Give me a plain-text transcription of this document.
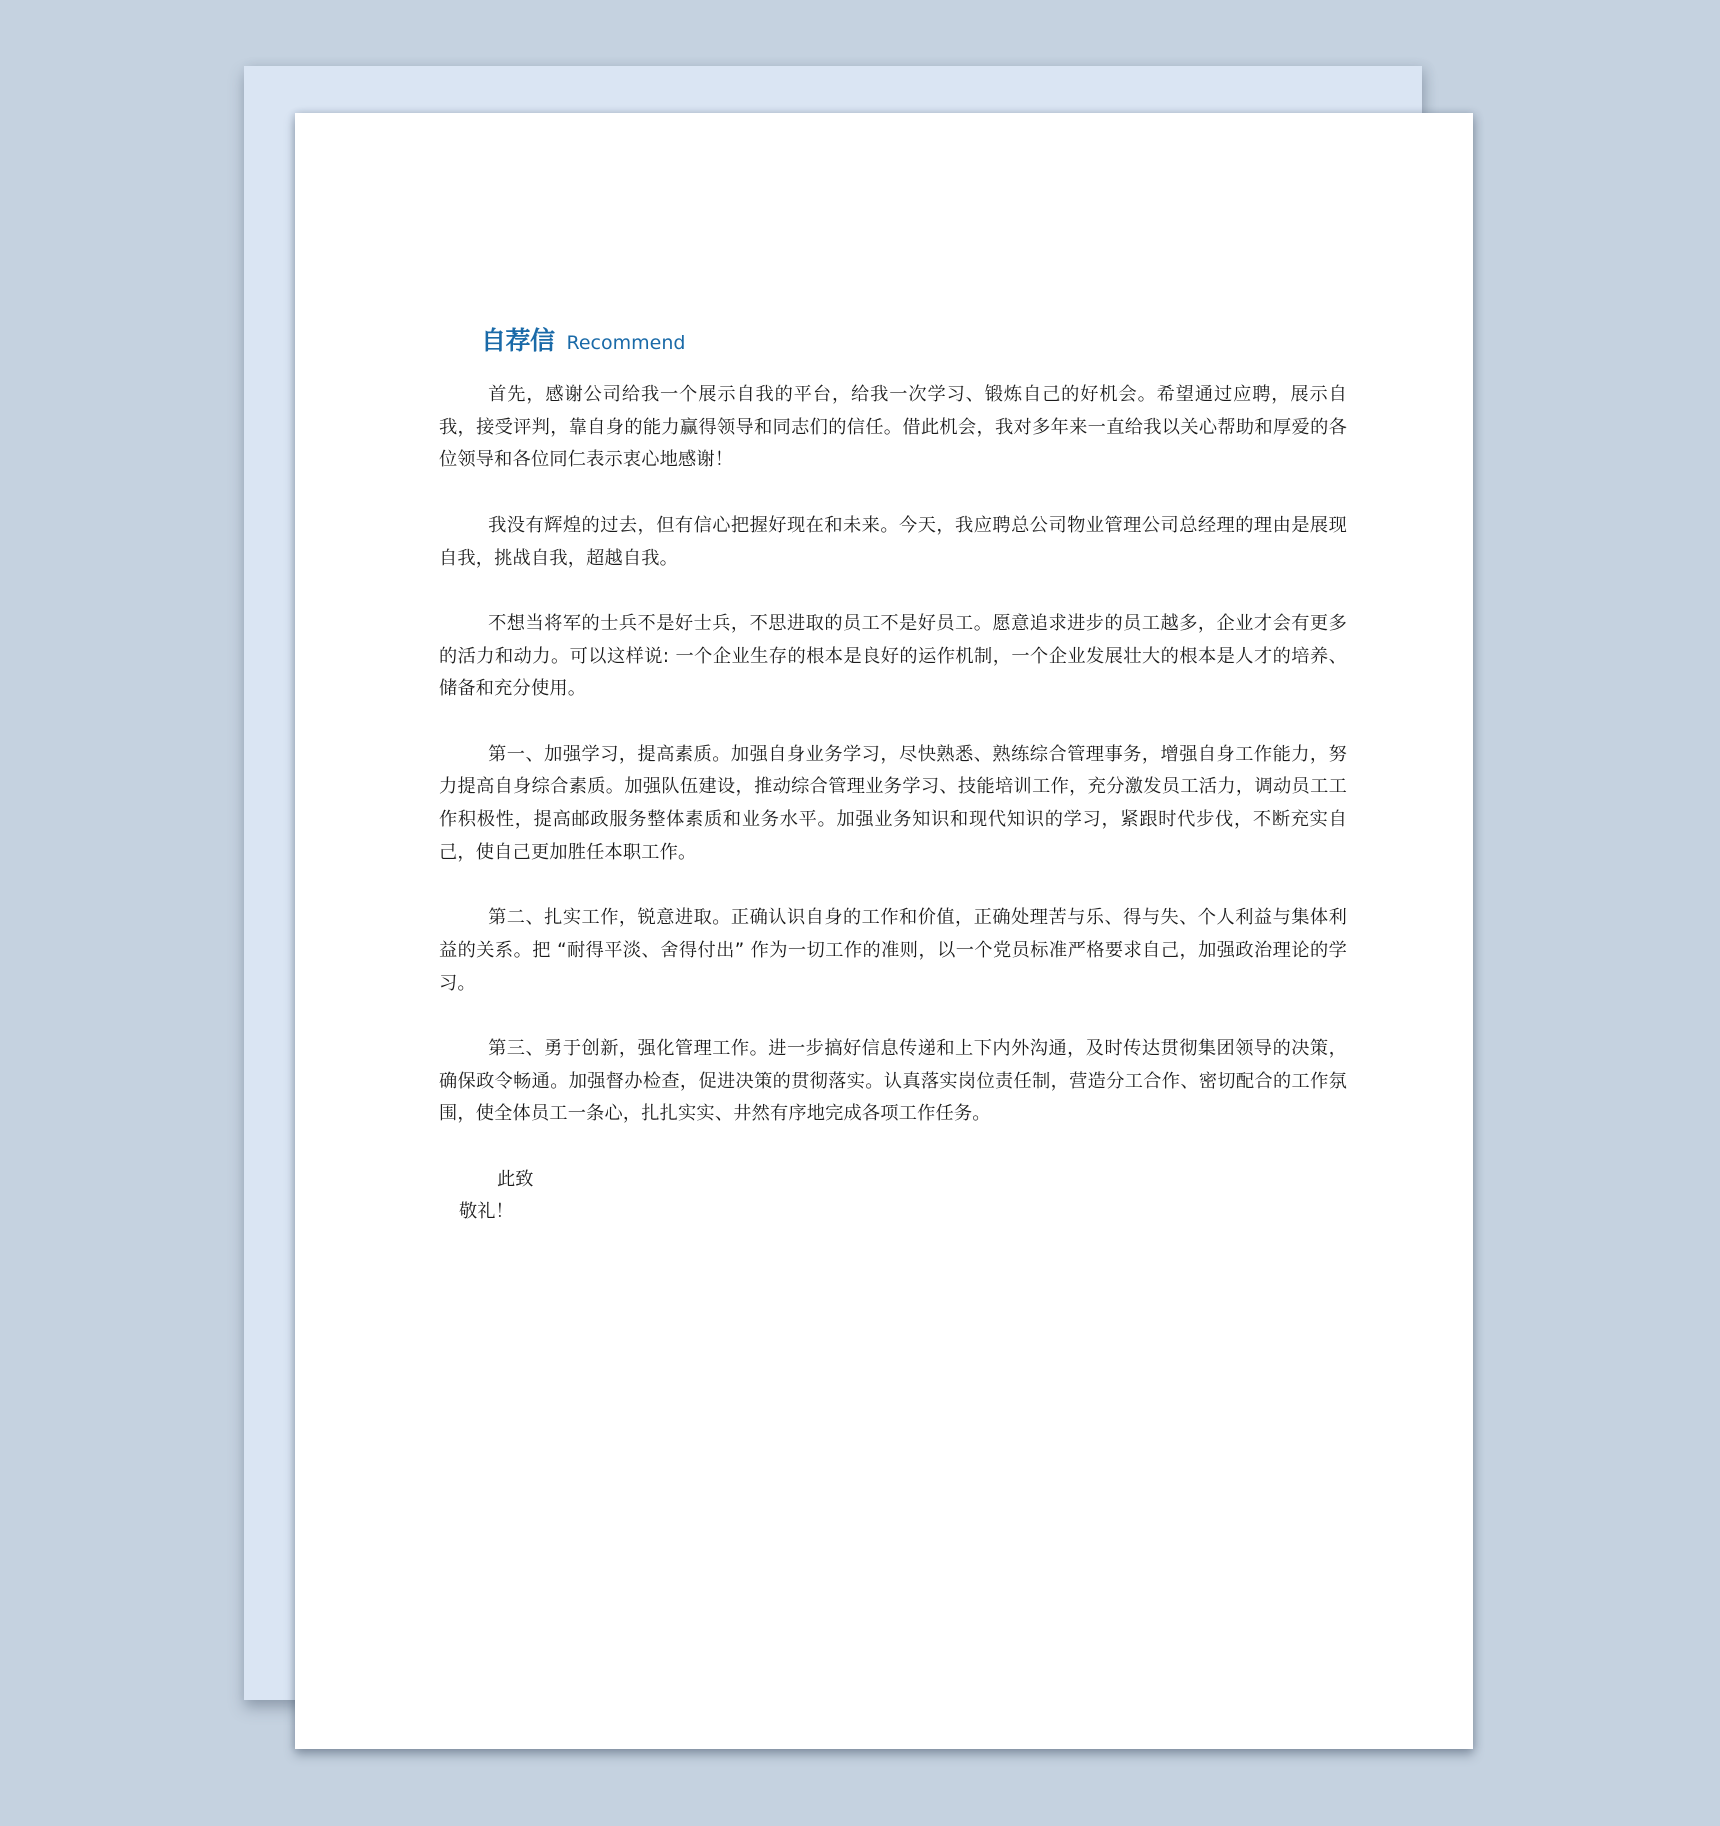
自荐信 Recommend

首先，感谢公司给我一个展示自我的平台，给我一次学习、锻炼自己的好机会。希望通过应聘，展示自我，接受评判，靠自身的能力赢得领导和同志们的信任。借此机会，我对多年来一直给我以关心帮助和厚爱的各位领导和各位同仁表示衷心地感谢！

我没有辉煌的过去，但有信心把握好现在和未来。今天，我应聘总公司物业管理公司总经理的理由是展现自我，挑战自我，超越自我。

不想当将军的士兵不是好士兵，不思进取的员工不是好员工。愿意追求进步的员工越多，企业才会有更多的活力和动力。可以这样说: 一个企业生存的根本是良好的运作机制，一个企业发展壮大的根本是人才的培养、储备和充分使用。

第一、加强学习，提高素质。加强自身业务学习，尽快熟悉、熟练综合管理事务，增强自身工作能力，努力提高自身综合素质。加强队伍建设，推动综合管理业务学习、技能培训工作，充分激发员工活力，调动员工工作积极性，提高邮政服务整体素质和业务水平。加强业务知识和现代知识的学习，紧跟时代步伐，不断充实自己，使自己更加胜任本职工作。

第二、扎实工作，锐意进取。正确认识自身的工作和价值，正确处理苦与乐、得与失、个人利益与集体利益的关系。把 “耐得平淡、舍得付出” 作为一切工作的准则，以一个党员标准严格要求自己，加强政治理论的学习。

第三、勇于创新，强化管理工作。进一步搞好信息传递和上下内外沟通，及时传达贯彻集团领导的决策，确保政令畅通。加强督办检查，促进决策的贯彻落实。认真落实岗位责任制，营造分工合作、密切配合的工作氛围，使全体员工一条心，扎扎实实、井然有序地完成各项工作任务。

此致
敬礼！
